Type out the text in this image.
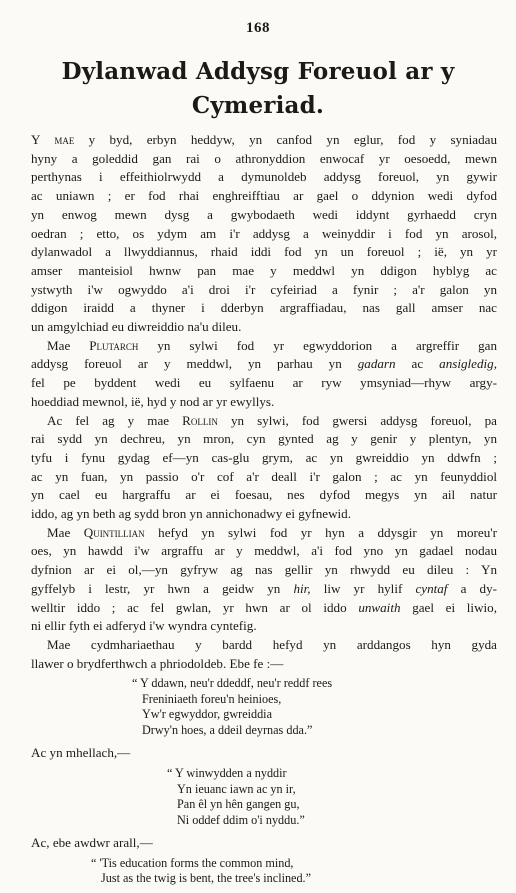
168
Dylanwad Addysg Foreuol ar y
Cymeriad.
Y mae y byd, erbyn heddyw, yn canfod yn eglur, fod y syniadau
hyny a goleddid gan rai o athronyddion enwocaf yr oesoedd, mewn
perthynas i effeithiolrwydd a dymunoldeb addysg foreuol, yn gywir
ac uniawn ; er fod rhai enghreifftiau ar gael o ddynion wedi dyfod
yn enwog mewn dysg a gwybodaeth wedi iddynt gyrhaedd cryn
oedran ; etto, os ydym am i'r addysg a weinyddir i fod yn arosol,
dylanwadol a llwyddiannus, rhaid iddi fod yn un foreuol ; ië, yn yr
amser manteisiol hwnw pan mae y meddwl yn ddigon hyblyg ac
ystwyth i'w ogwyddo a'i droi i'r cyfeiriad a fynir ; a'r galon yn
ddigon iraidd a thyner i dderbyn argraffiadau, nas gall amser nac
un amgylchiad eu diwreiddio na'u dileu.
Mae Plutarch yn sylwi fod yr egwyddorion a argreffir gan
addysg foreuol ar y meddwl, yn parhau yn gadarn ac ansigledig,
fel pe byddent wedi eu sylfaenu ar ryw ymsyniad—rhyw argy-
hoeddiad mewnol, ië, hyd y nod ar yr ewyllys.
Ac fel ag y mae Rollin yn sylwi, fod gwersi addysg foreuol, pa
rai sydd yn dechreu, yn mron, cyn gynted ag y genir y plentyn, yn
tyfu i fynu gydag ef—yn cas-glu grym, ac yn gwreiddio yn ddwfn ;
ac yn fuan, yn passio o'r cof a'r deall i'r galon ; ac yn feunyddiol
yn cael eu hargraffu ar ei foesau, nes dyfod megys yn ail natur
iddo, ag yn beth ag sydd bron yn annichonadwy ei gyfnewid.
Mae Quintillian hefyd yn sylwi fod yr hyn a ddysgir yn moreu'r
oes, yn hawdd i'w argraffu ar y meddwl, a'i fod yno yn gadael nodau
dyfnion ar ei ol,—yn gyfryw ag nas gellir yn rhwydd eu dileu : Yn
gyffelyb i lestr, yr hwn a geidw yn hir, liw yr hylif cyntaf a dy-
welltir iddo ; ac fel gwlan, yr hwn ar ol iddo unwaith gael ei liwio,
ni ellir fyth ei adferyd i'w wyndra cyntefig.
Mae cydmhariaethau y bardd hefyd yn arddangos hyn gyda
llawer o brydferthwch a phriodoldeb. Ebe fe :—
“ Y ddawn, neu'r ddeddf, neu'r reddf rees
Freniniaeth foreu'n heinioes,
Yw'r egwyddor, gwreiddia
Drwy'n hoes, a ddeil deyrnas dda.”
Ac yn mhellach,—
“ Y winwydden a nyddir
Yn ieuanc iawn ac yn ir,
Pan êl yn hên gangen gu,
Ni oddef ddim o'i nyddu.”
Ac, ebe awdwr arall,—
“ 'Tis education forms the common mind,
Just as the twig is bent, the tree's inclined.”
